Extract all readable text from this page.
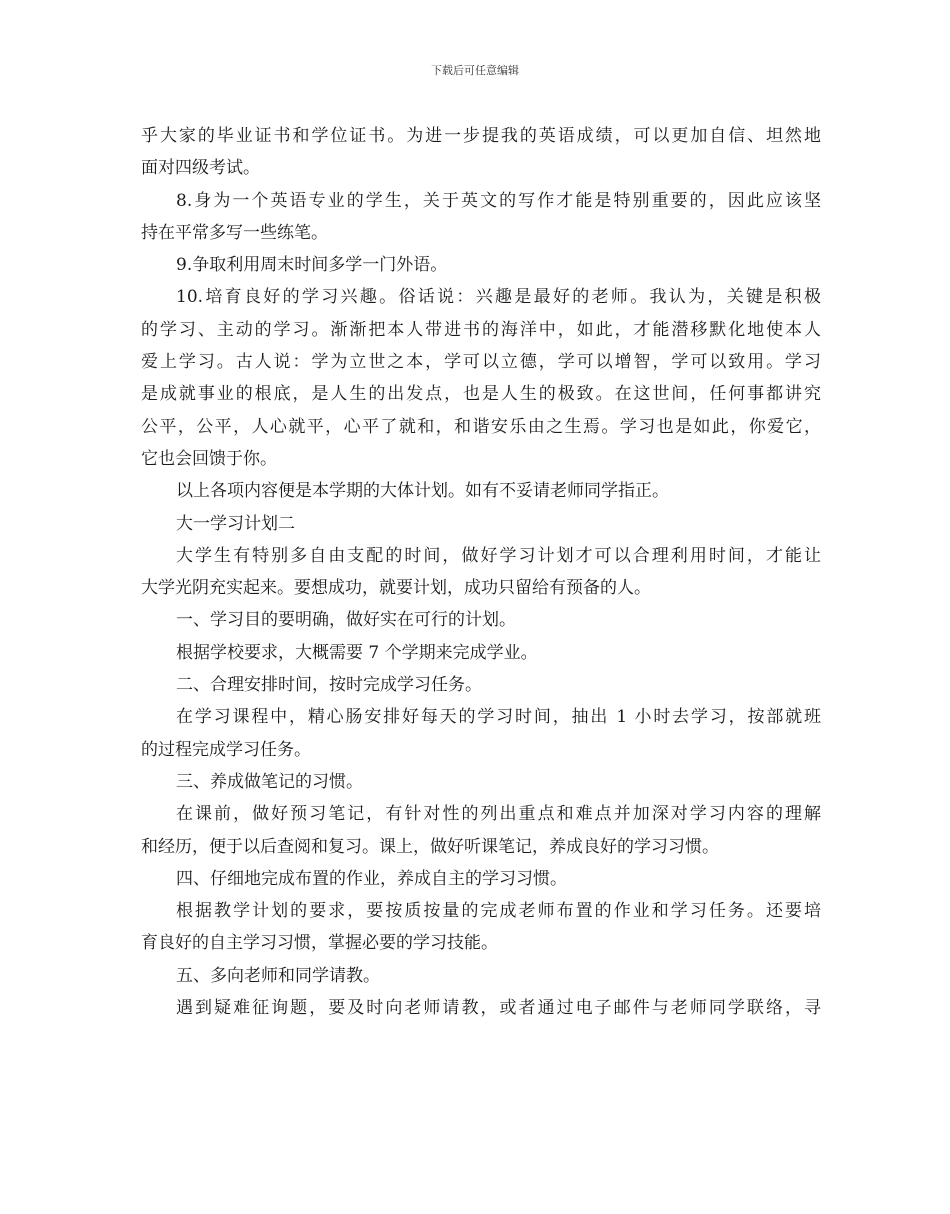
下载后可任意编辑
乎大家的毕业证书和学位证书。为进一步提我的英语成绩，可以更加自信、坦然地
面对四级考试。
8.身为一个英语专业的学生，关于英文的写作才能是特别重要的，因此应该坚
持在平常多写一些练笔。
9.争取利用周末时间多学一门外语。
10.培育良好的学习兴趣。俗话说：兴趣是最好的老师。我认为，关键是积极
的学习、主动的学习。渐渐把本人带进书的海洋中，如此，才能潜移默化地使本人
爱上学习。古人说：学为立世之本，学可以立德，学可以增智，学可以致用。学习
是成就事业的根底，是人生的出发点，也是人生的极致。在这世间，任何事都讲究
公平，公平，人心就平，心平了就和，和谐安乐由之生焉。学习也是如此，你爱它，
它也会回馈于你。
以上各项内容便是本学期的大体计划。如有不妥请老师同学指正。
大一学习计划二
大学生有特别多自由支配的时间，做好学习计划才可以合理利用时间，才能让
大学光阴充实起来。要想成功，就要计划，成功只留给有预备的人。
一、学习目的要明确，做好实在可行的计划。
根据学校要求，大概需要 7 个学期来完成学业。
二、合理安排时间，按时完成学习任务。
在学习课程中，精心肠安排好每天的学习时间，抽出 1 小时去学习，按部就班
的过程完成学习任务。
三、养成做笔记的习惯。
在课前，做好预习笔记，有针对性的列出重点和难点并加深对学习内容的理解
和经历，便于以后查阅和复习。课上，做好听课笔记，养成良好的学习习惯。
四、仔细地完成布置的作业，养成自主的学习习惯。
根据教学计划的要求，要按质按量的完成老师布置的作业和学习任务。还要培
育良好的自主学习习惯，掌握必要的学习技能。
五、多向老师和同学请教。
遇到疑难征询题，要及时向老师请教，或者通过电子邮件与老师同学联络，寻
